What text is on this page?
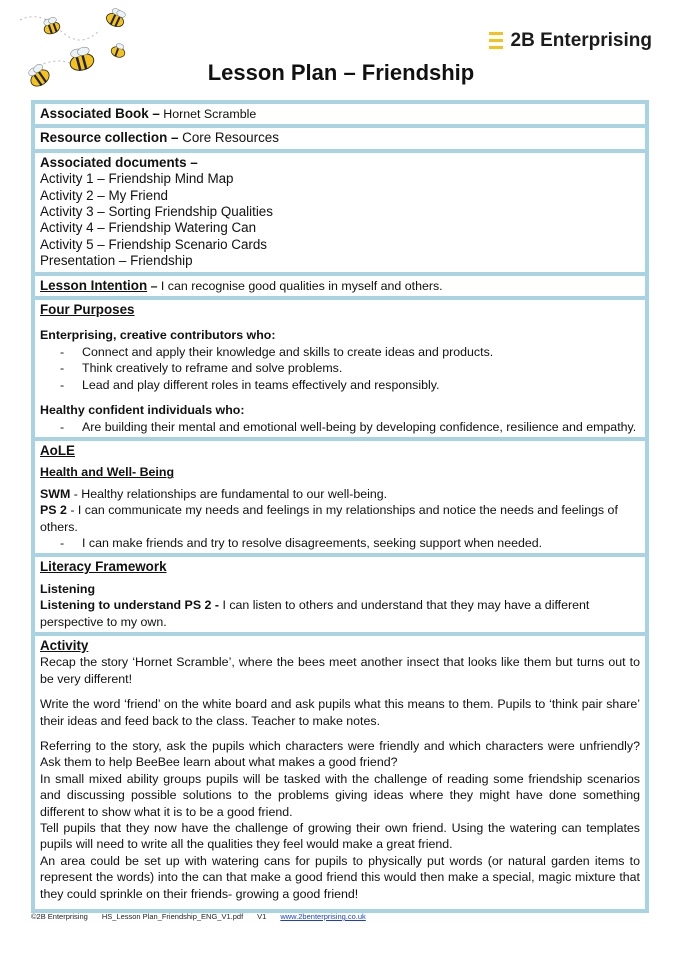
2B Enterprising
Lesson Plan – Friendship
Associated Book – Hornet Scramble
Resource collection – Core Resources
Associated documents –
Activity 1 – Friendship Mind Map
Activity 2 – My Friend
Activity 3 – Sorting Friendship Qualities
Activity 4 – Friendship Watering Can
Activity 5 – Friendship Scenario Cards
Presentation – Friendship
Lesson Intention – I can recognise good qualities in myself and others.
Four Purposes
Enterprising, creative contributors who:
- Connect and apply their knowledge and skills to create ideas and products.
- Think creatively to reframe and solve problems.
- Lead and play different roles in teams effectively and responsibly.
Healthy confident individuals who:
- Are building their mental and emotional well-being by developing confidence, resilience and empathy.
AoLE
Health and Well- Being
SWM - Healthy relationships are fundamental to our well-being.
PS 2 - I can communicate my needs and feelings in my relationships and notice the needs and feelings of others.
- I can make friends and try to resolve disagreements, seeking support when needed.
Literacy Framework
Listening
Listening to understand PS 2 - I can listen to others and understand that they may have a different perspective to my own.
Activity
Recap the story ‘Hornet Scramble’, where the bees meet another insect that looks like them but turns out to be very different!
Write the word ‘friend’ on the white board and ask pupils what this means to them. Pupils to ‘think pair share’ their ideas and feed back to the class. Teacher to make notes.
Referring to the story, ask the pupils which characters were friendly and which characters were unfriendly? Ask them to help BeeBee learn about what makes a good friend?
In small mixed ability groups pupils will be tasked with the challenge of reading some friendship scenarios and discussing possible solutions to the problems giving ideas where they might have done something different to show what it is to be a good friend.
Tell pupils that they now have the challenge of growing their own friend. Using the watering can templates pupils will need to write all the qualities they feel would make a great friend.
An area could be set up with watering cans for pupils to physically put words (or natural garden items to represent the words) into the can that make a good friend this would then make a special, magic mixture that they could sprinkle on their friends- growing a good friend!
©2B Enterprising HS_Lesson Plan_Friendship_ENG_V1.pdf V1 www.2benterprising.co.uk
